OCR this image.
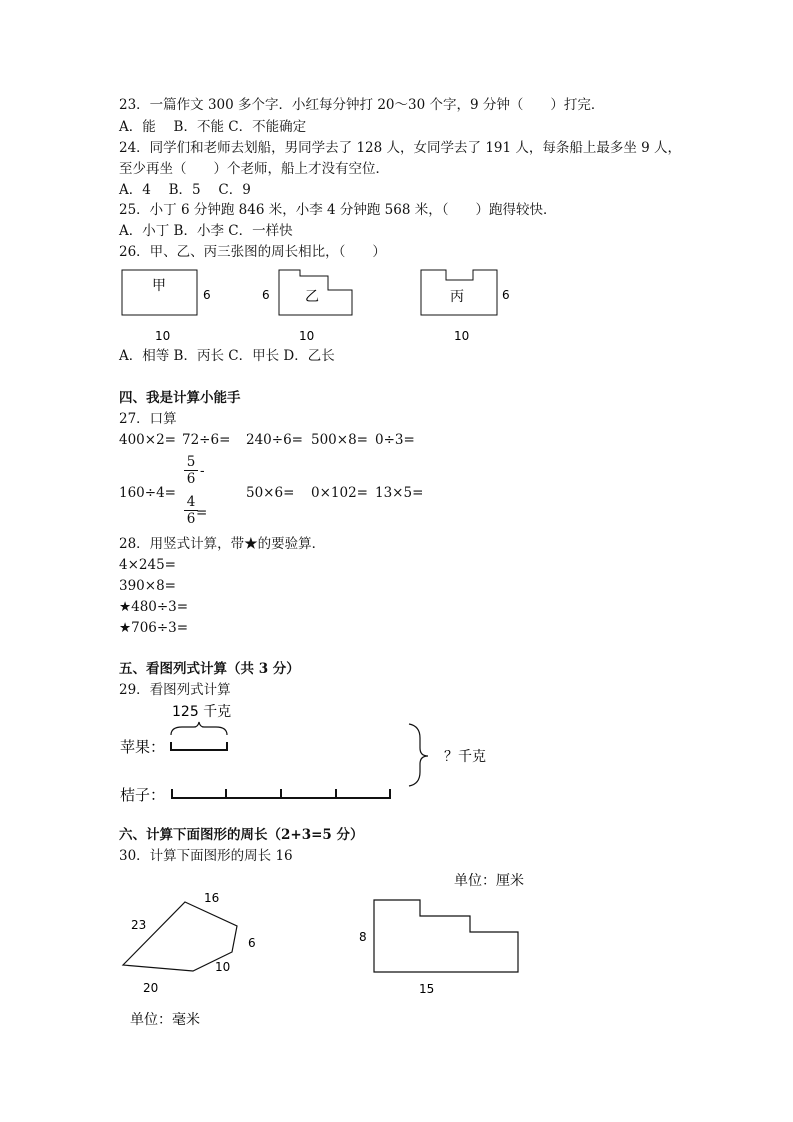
23．一篇作文 300 多个字．小红每分钟打 20～30 个字，9 分钟（　　）打完．
A．能　 B．不能 C．不能确定
24．同学们和老师去划船，男同学去了 128 人，女同学去了 191 人，每条船上最多坐 9 人，
至少再坐（　　）个老师，船上才没有空位．
A．4　 B．5　 C．9
25．小丁 6 分钟跑 846 米，小李 4 分钟跑 568 米，（　　）跑得较快．
A．小丁 B．小李 C．一样快
26．甲、乙、丙三张图的周长相比，（　　）
甲
6
10
乙
6
10
丙	6
10
A．相等 B．丙长 C．甲长 D．乙长
四、我是计算小能手
27．口算
400×2= 72÷6= 240÷6= 500×8= 0÷3=
160÷4=
$\frac{5}{6}$ -
$\frac{4}{6}$
=
50×6= 0×102= 13×5=
28．用竖式计算，带★的要验算．
4×245=
390×8=
★480÷3=
★706÷3=
五、看图列式计算（共 3 分）
29．看图列式计算
125 千克
苹果：
桔子：
？千克
六、计算下面图形的周长（2+3=5 分）
30．计算下面图形的周长 16
16
23
6
10
20
单位：毫米
单位：厘米
8
15
